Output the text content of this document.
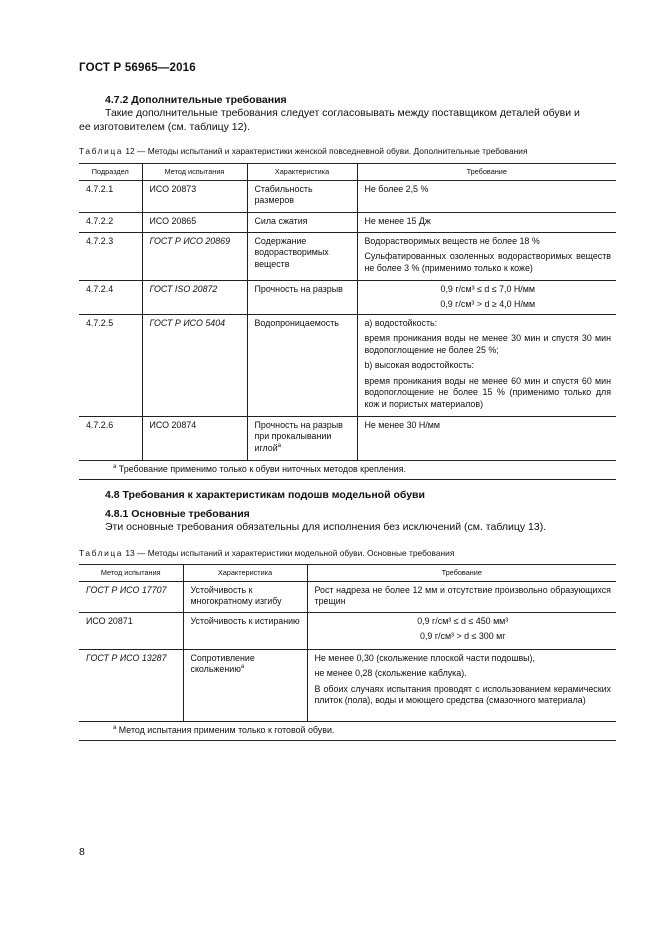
ГОСТ Р 56965—2016
4.7.2 Дополнительные требования
Такие дополнительные требования следует согласовывать между поставщиком деталей обуви и
ее изготовителем (см. таблицу 12).
Таблица 12 — Методы испытаний и характеристики женской повседневной обуви. Дополнительные требования
Подраздел	Метод испытания	Характеристика	Требование
4.7.2.1	ИСО 20873	Стабильность размеров	Не более 2,5 %

4.7.2.2	ИСО 20865	Сила сжатия	Не менее 15 Дж

4.7.2.3	ГОСТ Р ИСО 20869	Содержание водорастворимых веществ	Водорастворимых веществ не более 18 %
Сульфатированных озоленных водорастворимых веществ не более 3 % (применимо только к коже)

4.7.2.4	ГОСТ ISO 20872	Прочность на разрыв	0,9 г/см³ ≤ d ≤ 7,0 Н/мм
0,9 г/см³ > d ≥ 4,0 Н/мм

4.7.2.5	ГОСТ Р ИСО 5404	Водопроницаемость	a) водостойкость:
время проникания воды не менее 30 мин и спустя 30 мин водопоглощение не более 25 %;
b) высокая водостойкость:
время проникания воды не менее 60 мин и спустя 60 мин водопоглощение не более 15 % (применимо только для кож и пористых материалов)

4.7.2.6	ИСО 20874	Прочность на разрыв при прокалывании иглой$^a$	Не менее 30 Н/мм

$^a$ Требование применимо только к обуви ниточных методов крепления.			
4.8 Требования к характеристикам подошв модельной обуви
4.8.1 Основные требования
Эти основные требования обязательны для исполнения без исключений (см. таблицу 13).
Таблица 13 — Методы испытаний и характеристики модельной обуви. Основные требования
Метод испытания	Характеристика	Требование
ГОСТ Р ИСО 17707	Устойчивость к многократному изгибу	Рост надреза не более 12 мм и отсутствие произвольно образующихся трещин

ИСО 20871	Устойчивость к истиранию	0,9 г/см³ ≤ d ≤ 450 мм³
0,9 г/см³ > d ≤ 300 мг

ГОСТ Р ИСО 13287	Сопротивление скольжению$^a$	Не менее 0,30 (скольжение плоской части подошвы),
не менее 0,28 (скольжение каблука).
В обоих случаях испытания проводят с использованием керамических плиток (пола), воды и моющего средства (смазочного материала)

$^a$ Метод испытания применим только к готовой обуви.		
8
